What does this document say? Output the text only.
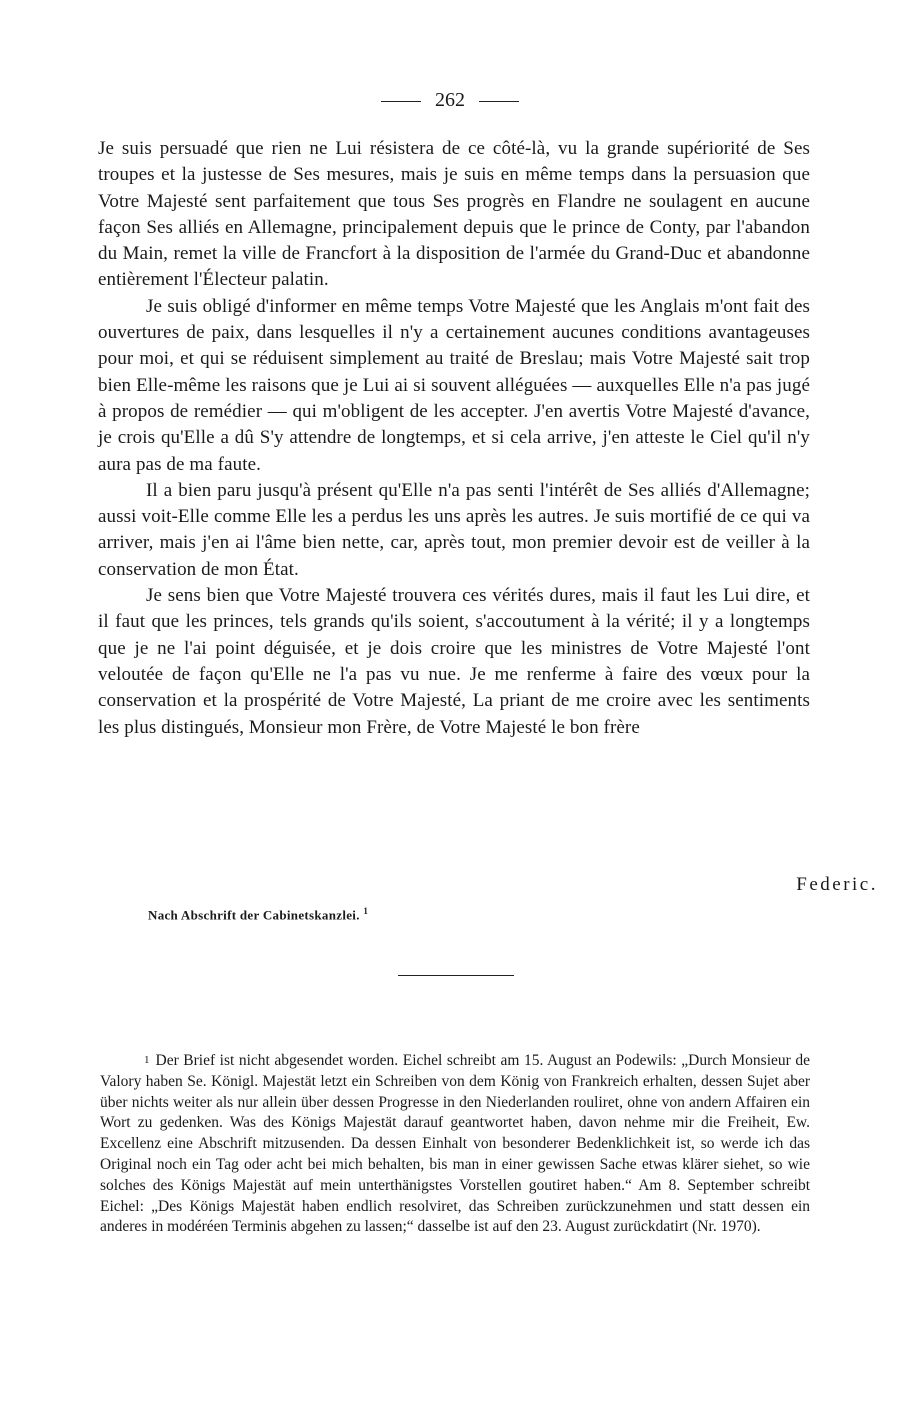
262

Je suis persuadé que rien ne Lui résistera de ce côté-là, vu la grande supériorité de Ses troupes et la justesse de Ses mesures, mais je suis en même temps dans la persuasion que Votre Majesté sent parfaitement que tous Ses progrès en Flandre ne soulagent en aucune façon Ses alliés en Allemagne, principalement depuis que le prince de Conty, par l'abandon du Main, remet la ville de Francfort à la disposition de l'armée du Grand-Duc et abandonne entièrement l'Électeur palatin.

Je suis obligé d'informer en même temps Votre Majesté que les Anglais m'ont fait des ouvertures de paix, dans lesquelles il n'y a certainement aucunes conditions avantageuses pour moi, et qui se réduisent simplement au traité de Breslau; mais Votre Majesté sait trop bien Elle-même les raisons que je Lui ai si souvent alléguées — auxquelles Elle n'a pas jugé à propos de remédier — qui m'obligent de les accepter. J'en avertis Votre Majesté d'avance, je crois qu'Elle a dû S'y attendre de longtemps, et si cela arrive, j'en atteste le Ciel qu'il n'y aura pas de ma faute.

Il a bien paru jusqu'à présent qu'Elle n'a pas senti l'intérêt de Ses alliés d'Allemagne; aussi voit-Elle comme Elle les a perdus les uns après les autres. Je suis mortifié de ce qui va arriver, mais j'en ai l'âme bien nette, car, après tout, mon premier devoir est de veiller à la conservation de mon État.

Je sens bien que Votre Majesté trouvera ces vérités dures, mais il faut les Lui dire, et il faut que les princes, tels grands qu'ils soient, s'accoutument à la vérité; il y a longtemps que je ne l'ai point déguisée, et je dois croire que les ministres de Votre Majesté l'ont veloutée de façon qu'Elle ne l'a pas vu nue. Je me renferme à faire des vœux pour la conservation et la prospérité de Votre Majesté, La priant de me croire avec les sentiments les plus distingués, Monsieur mon Frère, de Votre Majesté le bon frère

Federic.
Nach Abschrift der Cabinetskanzlei. $^1$

1 Der Brief ist nicht abgesendet worden. Eichel schreibt am 15. August an Podewils: „Durch Monsieur de Valory haben Se. Königl. Majestät letzt ein Schreiben von dem König von Frankreich erhalten, dessen Sujet aber über nichts weiter als nur allein über dessen Progresse in den Niederlanden rouliret, ohne von andern Affairen ein Wort zu gedenken. Was des Königs Majestät darauf geantwortet haben, davon nehme mir die Freiheit, Ew. Excellenz eine Abschrift mitzusenden. Da dessen Einhalt von besonderer Bedenklichkeit ist, so werde ich das Original noch ein Tag oder acht bei mich behalten, bis man in einer gewissen Sache etwas klärer siehet, so wie solches des Königs Majestät auf mein unterthänigstes Vorstellen goutiret haben.“ Am 8. September schreibt Eichel: „Des Königs Majestät haben endlich resolviret, das Schreiben zurückzunehmen und statt dessen ein anderes in modéréen Terminis abgehen zu lassen;“ dasselbe ist auf den 23. August zurückdatirt (Nr. 1970).
